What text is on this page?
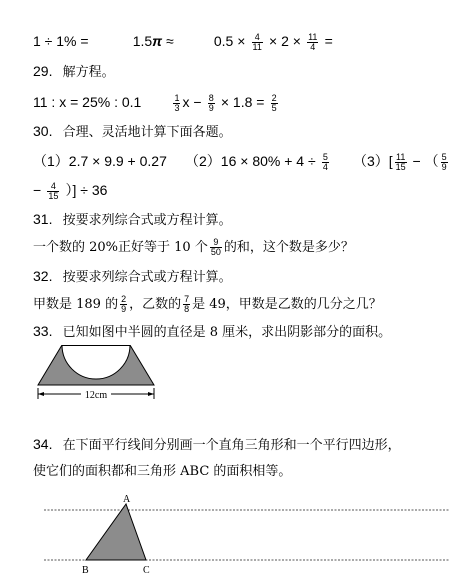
1 ÷ 1% =	1.5π ≈	$0.5 \times \frac{4}{11} \times 2 \times \frac{11}{4}$ =
29. 解方程。
11 : x = 25% : 0.1	$\frac{1}{3}$ $x - \frac{8}{9} \times 1.8 = \frac{2}{5}$
30. 合理、灵活地计算下面各题。
（1）2.7 × 9.9 + 0.27 $(2)16 \times 80\% + 4 \div \frac{5}{4} (3)[ \frac{11}{15}$ − （ $\frac{5}{9}$
− $\frac{4}{15}$ ）] ÷ 36
31. 按要求列综合式或方程计算。
一个数的 20%正好等于 10 个 $\frac{9}{50}$ 的和，这个数是多少？
32. 按要求列综合式或方程计算。
甲数是 189 的 $\frac{2}{9}$ ，乙数的 $\frac{7}{8}$ 是 49，甲数是乙数的几分之几？
33. 已知如图中半圆的直径是 8 厘米，求出阴影部分的面积。
12cm
34. 在下面平行线间分别画一个直角三角形和一个平行四边形，
使它们的面积都和三角形 ABC 的面积相等。
A
B	C
